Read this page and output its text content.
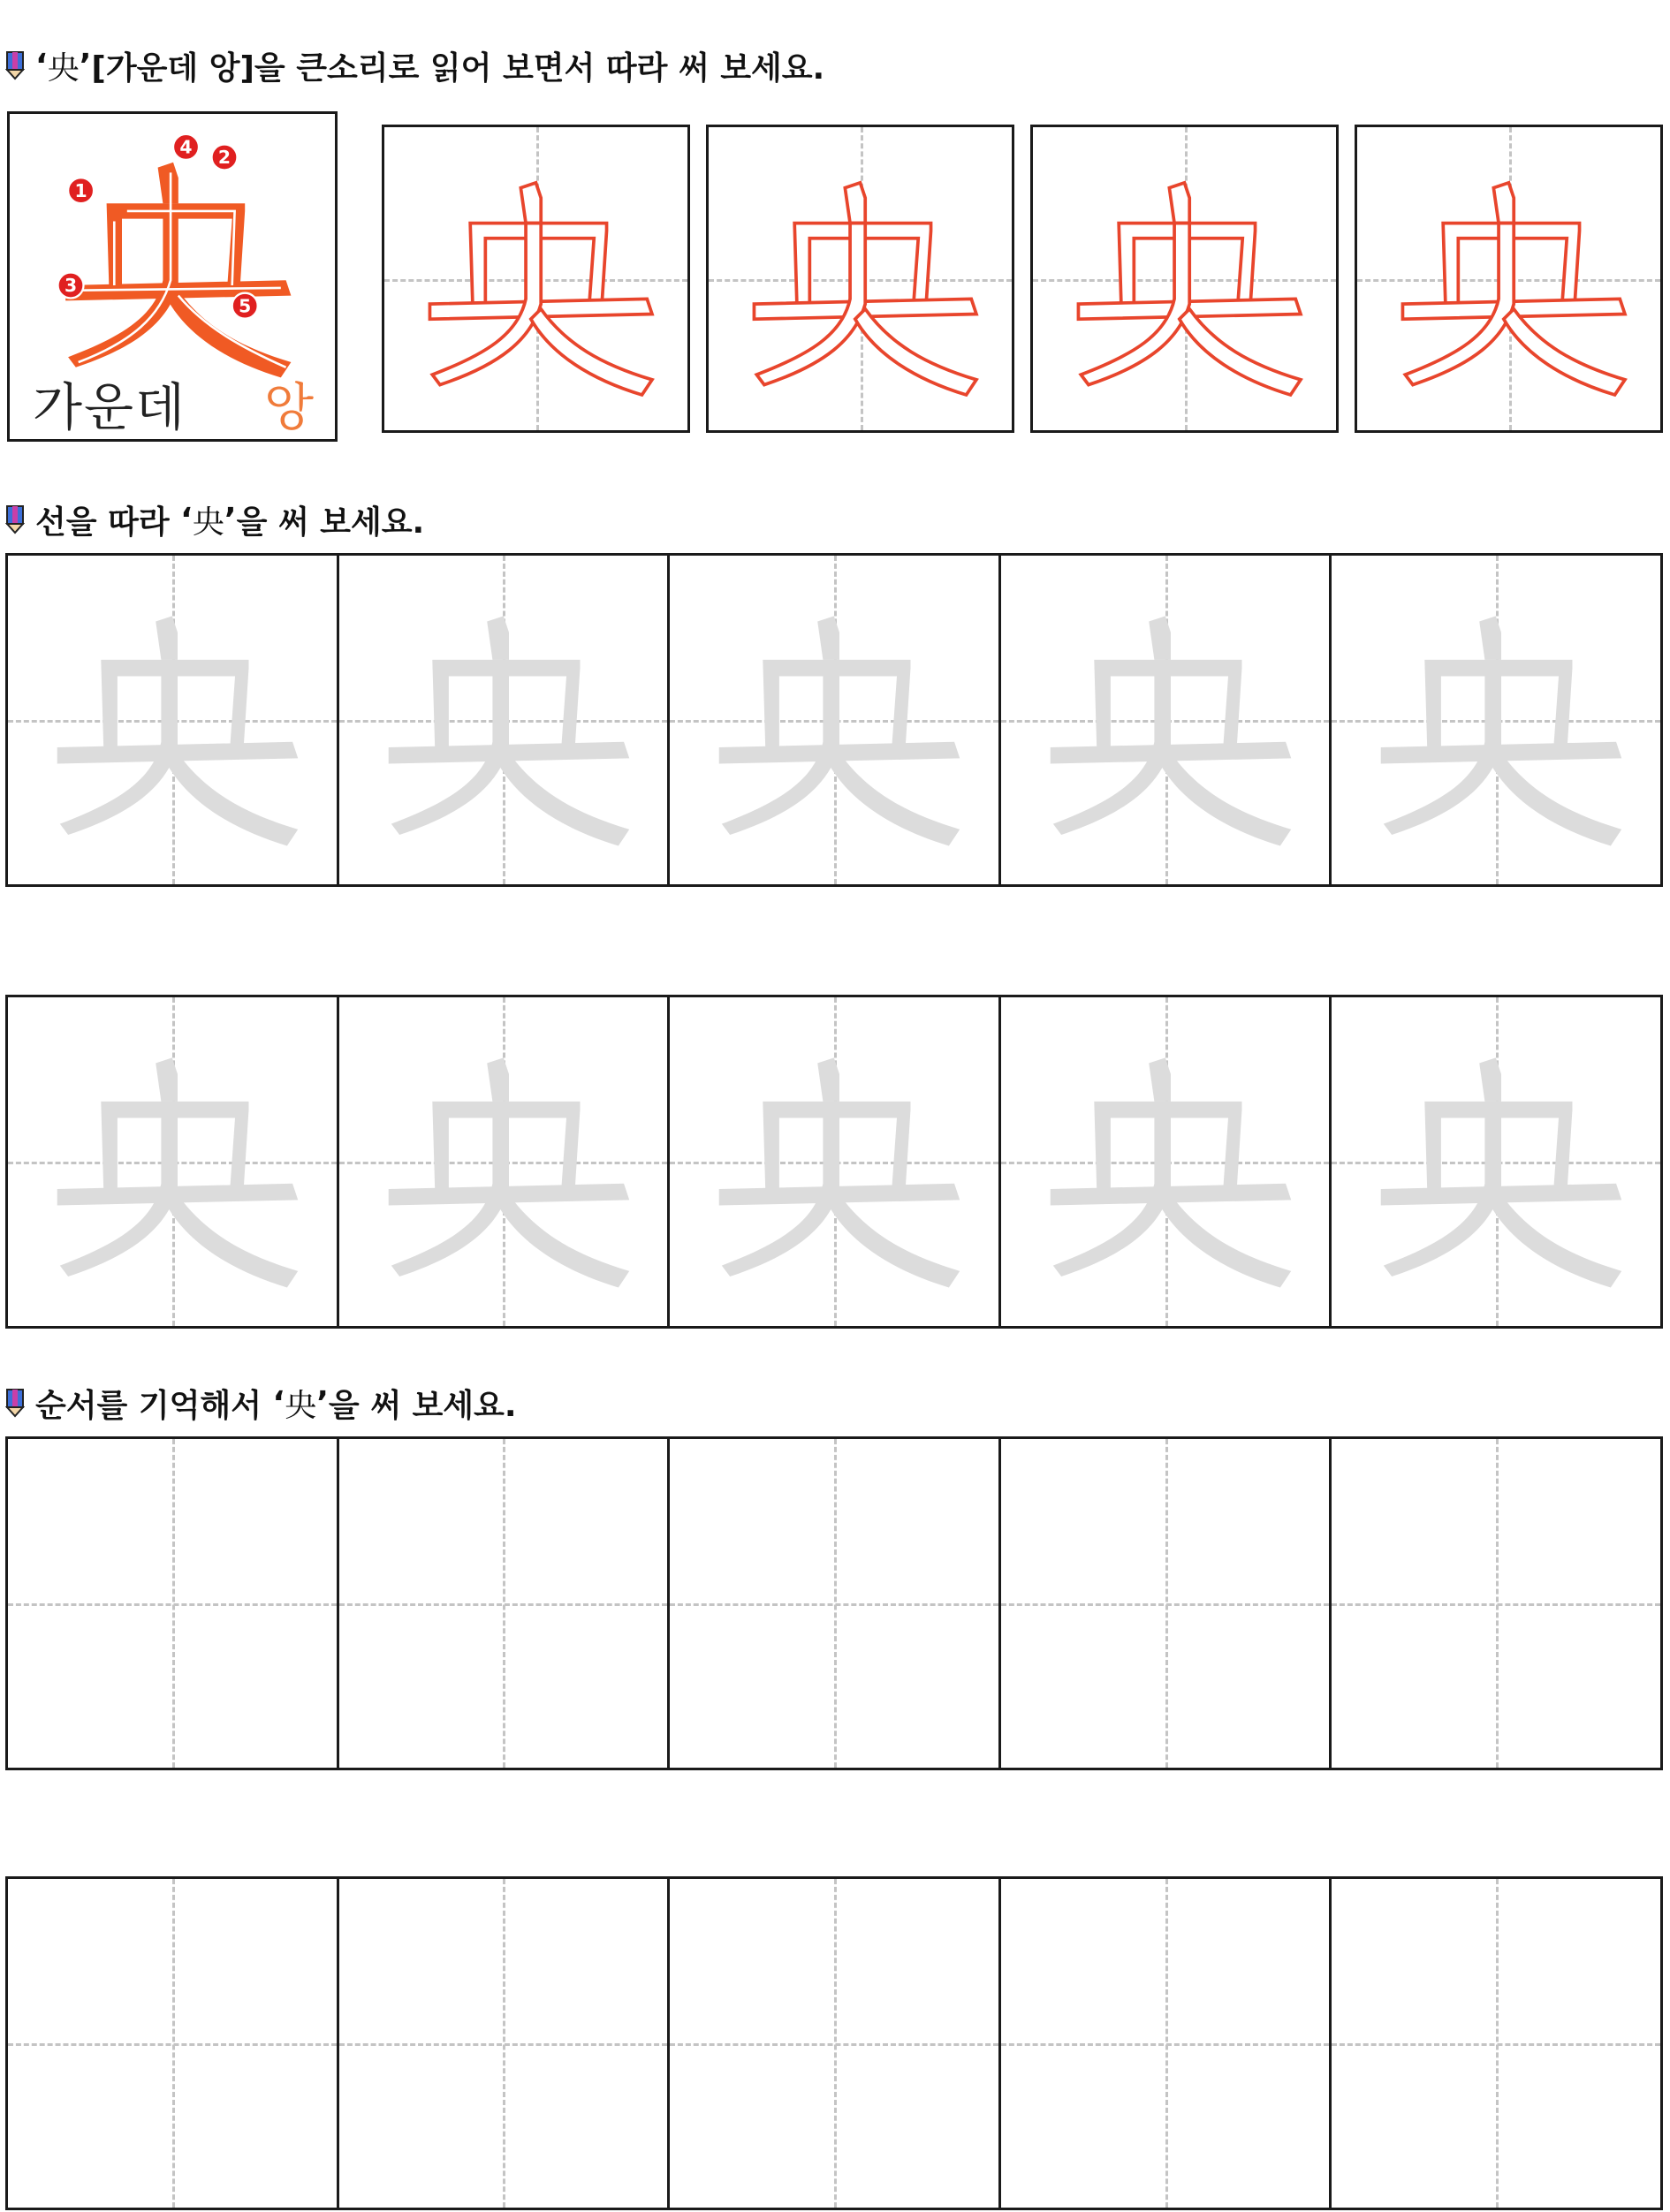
‘ 央 ’ [가운데 앙]을 큰소리로 읽어 보면서 따라 써 보세요.
1
4	2
3
5
가운데 앙
선을 따라 ‘ 央 ’ 을 써 보세요.
순서를 기억해서 ‘ 央 ’ 을 써 보세요.
